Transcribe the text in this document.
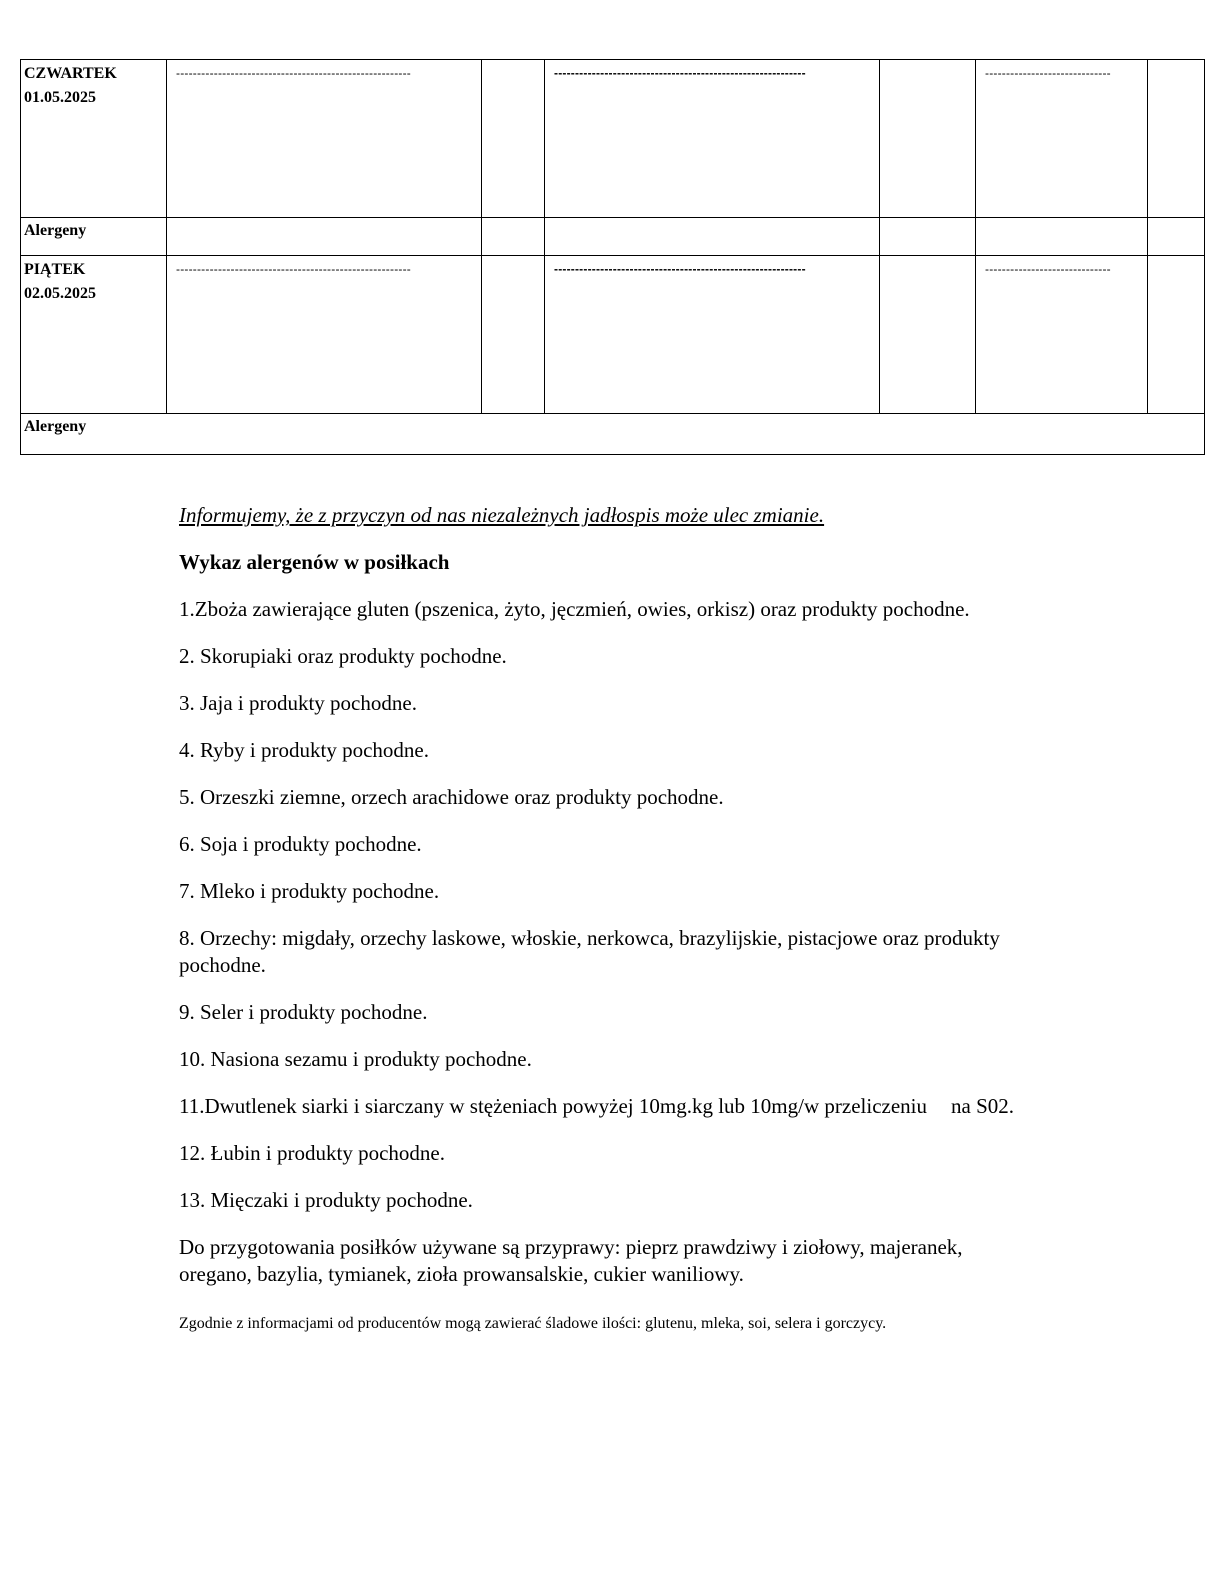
CZWARTEK
01.05.2025	--------------------------------------------------------		------------------------------------------------------------		------------------------------	
Alergeny						

PIĄTEK
02.05.2025	--------------------------------------------------------		------------------------------------------------------------		------------------------------	
Alergeny						

Informujemy, że z przyczyn od nas niezależnych jadłospis może ulec zmianie.

Wykaz alergenów w posiłkach

1.Zboża zawierające gluten (pszenica, żyto, jęczmień, owies, orkisz) oraz produkty pochodne.

2. Skorupiaki oraz produkty pochodne.

3. Jaja i produkty pochodne.

4. Ryby i produkty pochodne.

5. Orzeszki ziemne, orzech arachidowe oraz produkty pochodne.

6. Soja i produkty pochodne.

7. Mleko i produkty pochodne.

8. Orzechy: migdały, orzechy laskowe, włoskie, nerkowca, brazylijskie, pistacjowe oraz produkty pochodne.

9. Seler i produkty pochodne.

10. Nasiona sezamu i produkty pochodne.

11.Dwutlenek siarki i siarczany w stężeniach powyżej 10mg.kg lub 10mg/w przeliczeniu na S02.

12. Łubin i produkty pochodne.

13. Mięczaki i produkty pochodne.

Do przygotowania posiłków używane są przyprawy: pieprz prawdziwy i ziołowy, majeranek, oregano, bazylia, tymianek, zioła prowansalskie, cukier waniliowy.

Zgodnie z informacjami od producentów mogą zawierać śladowe ilości: glutenu, mleka, soi, selera i gorczycy.
